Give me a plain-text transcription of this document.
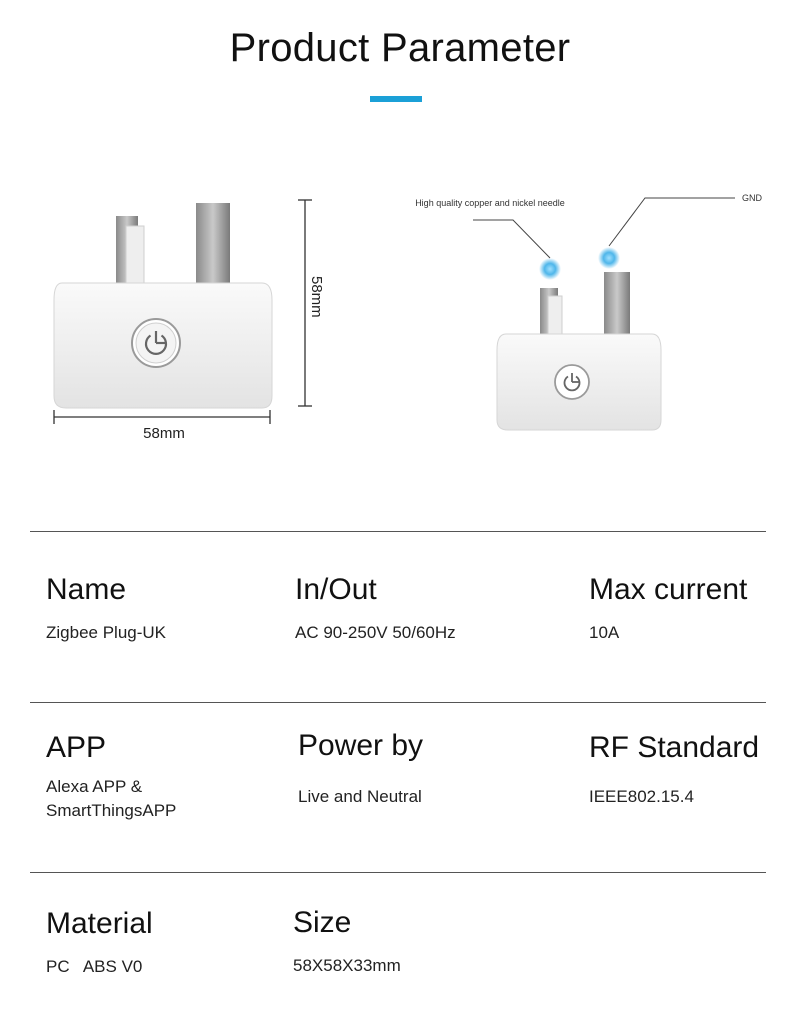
Product Parameter
58mm
58mm
High quality copper and nickel needle	GND
Name
Zigbee Plug-UK
In/Out
AC 90-250V 50/60Hz
Max current
10A
APP
Alexa APP &
SmartThingsAPP
Power by
Live and Neutral
RF Standard
IEEE802.15.4
Material
PC   ABS V0
Size
58X58X33mm
